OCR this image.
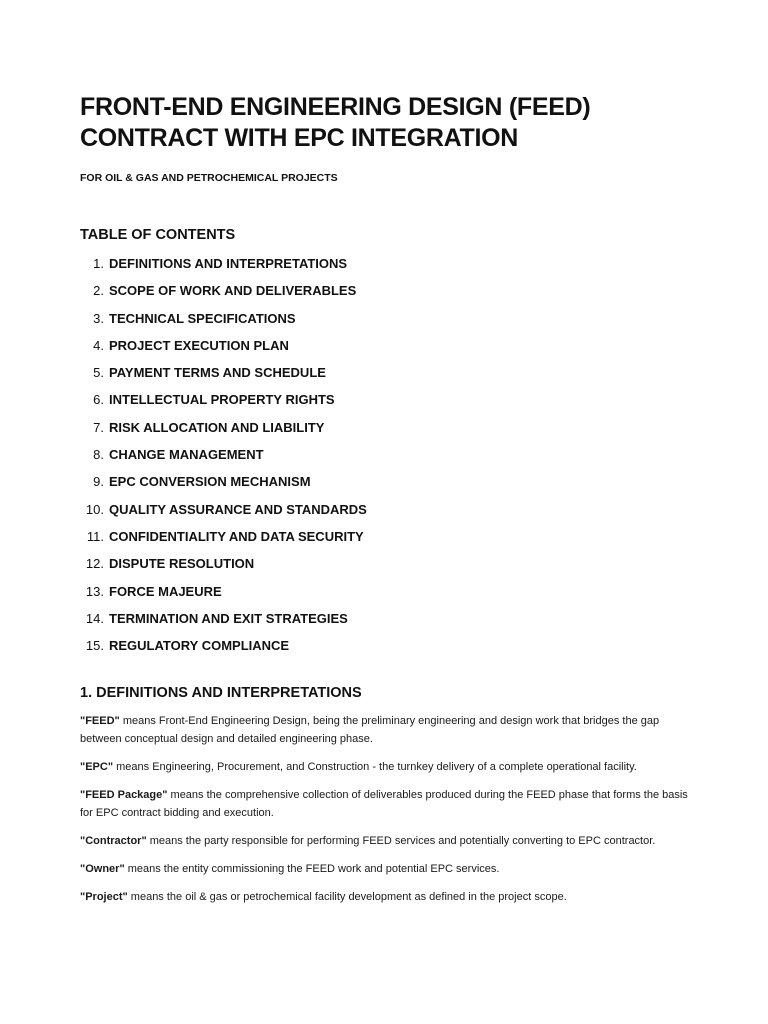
FRONT-END ENGINEERING DESIGN (FEED)
CONTRACT WITH EPC INTEGRATION
FOR OIL & GAS AND PETROCHEMICAL PROJECTS
TABLE OF CONTENTS
1. DEFINITIONS AND INTERPRETATIONS
2. SCOPE OF WORK AND DELIVERABLES
3. TECHNICAL SPECIFICATIONS
4. PROJECT EXECUTION PLAN
5. PAYMENT TERMS AND SCHEDULE
6. INTELLECTUAL PROPERTY RIGHTS
7. RISK ALLOCATION AND LIABILITY
8. CHANGE MANAGEMENT
9. EPC CONVERSION MECHANISM
10. QUALITY ASSURANCE AND STANDARDS
11. CONFIDENTIALITY AND DATA SECURITY
12. DISPUTE RESOLUTION
13. FORCE MAJEURE
14. TERMINATION AND EXIT STRATEGIES
15. REGULATORY COMPLIANCE
1. DEFINITIONS AND INTERPRETATIONS

"FEED" means Front-End Engineering Design, being the preliminary engineering and design work that bridges the gap between conceptual design and detailed engineering phase.

"EPC" means Engineering, Procurement, and Construction - the turnkey delivery of a complete operational facility.

"FEED Package" means the comprehensive collection of deliverables produced during the FEED phase that forms the basis for EPC contract bidding and execution.

"Contractor" means the party responsible for performing FEED services and potentially converting to EPC contractor.

"Owner" means the entity commissioning the FEED work and potential EPC services.

"Project" means the oil & gas or petrochemical facility development as defined in the project scope.
